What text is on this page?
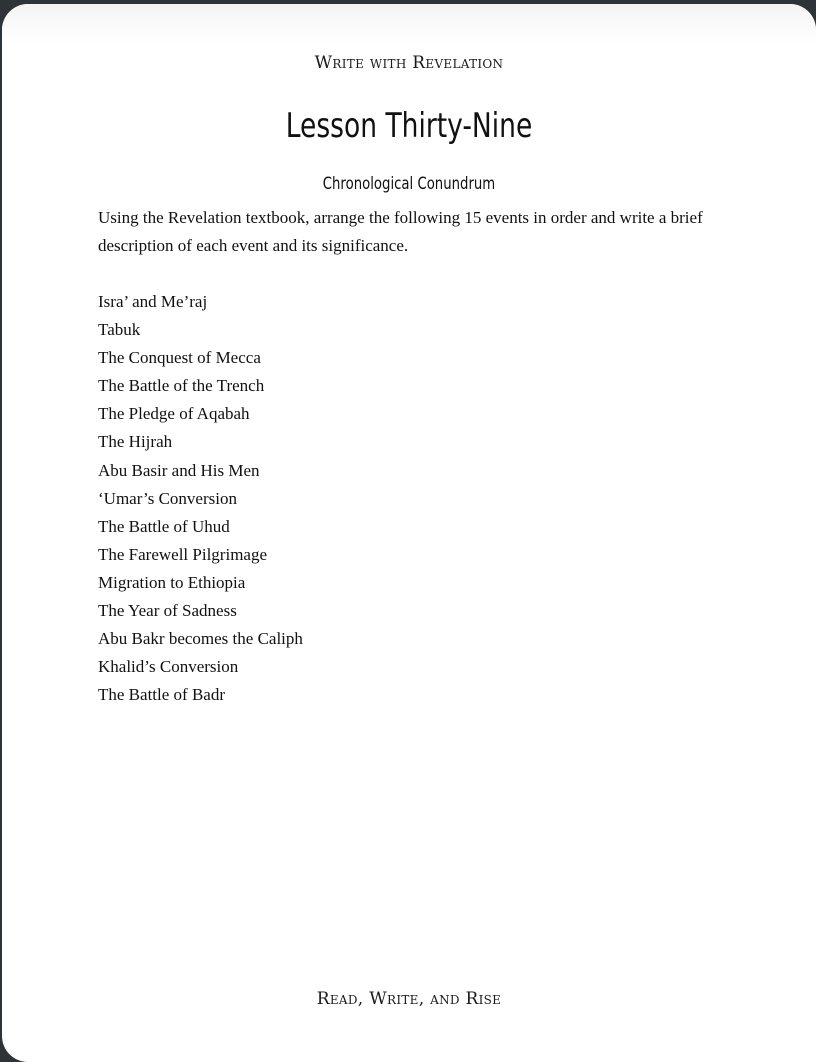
Write with Revelation
Lesson Thirty-Nine
Chronological Conundrum

Using the Revelation textbook, arrange the following 15 events in order and write a brief description of each event and its significance.

Isra’ and Me’raj
Tabuk
The Conquest of Mecca
The Battle of the Trench
The Pledge of Aqabah
The Hijrah
Abu Basir and His Men
‘Umar’s Conversion
The Battle of Uhud
The Farewell Pilgrimage
Migration to Ethiopia
The Year of Sadness
Abu Bakr becomes the Caliph
Khalid’s Conversion
The Battle of Badr
Read, Write, and Rise
